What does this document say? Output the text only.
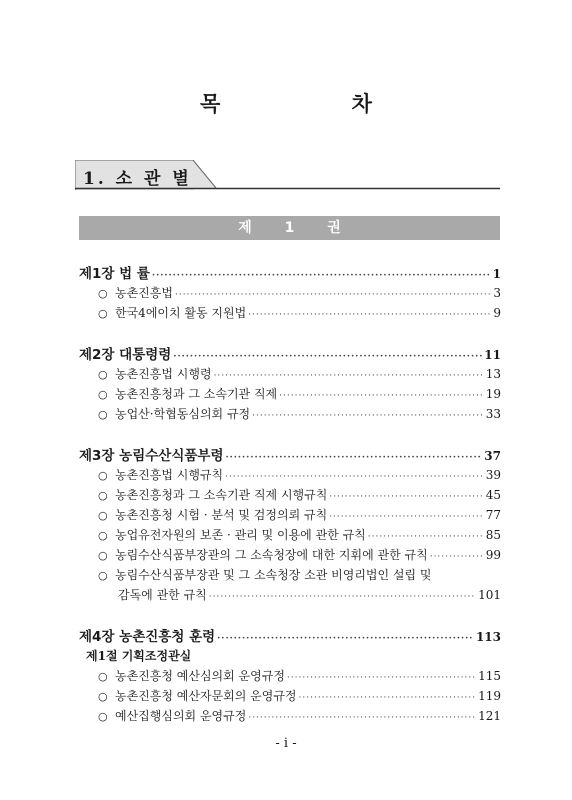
목 차
1. 소 관 별
제 1 권
제1장 법 률 ·····	1
○ 농촌진흥법 ·····	3
○ 한국4에이치 활동 지원법 ·····	9
제2장 대통령령 ·····	11
○ 농촌진흥법 시행령 ·····	13
○ 농촌진흥청과 그 소속기관 직제 ·····	19
○ 농업산·학협동심의회 규정 ·····	33
제3장 농림수산식품부령 ·····	37
○ 농촌진흥법 시행규칙 ·····	39
○ 농촌진흥청과 그 소속기관 직제 시행규칙 ·····	45
○ 농촌진흥청 시험 · 분석 및 검정의뢰 규칙 ·····	77
○ 농업유전자원의 보존 · 관리 및 이용에 관한 규칙 ·····	85
○ 농림수산식품부장관의 그 소속청장에 대한 지휘에 관한 규칙 ·····	99
○ 농림수산식품부장관 및 그 소속청장 소관 비영리법인 설립 및
감독에 관한 규칙 ·····	101
제4장 농촌진흥청 훈령 ·····	113
제1절 기획조정관실
○ 농촌진흥청 예산심의회 운영규정 ·····	115
○ 농촌진흥청 예산자문회의 운영규정 ·····	119
○ 예산집행심의회 운영규정 ·····	121
- i -
